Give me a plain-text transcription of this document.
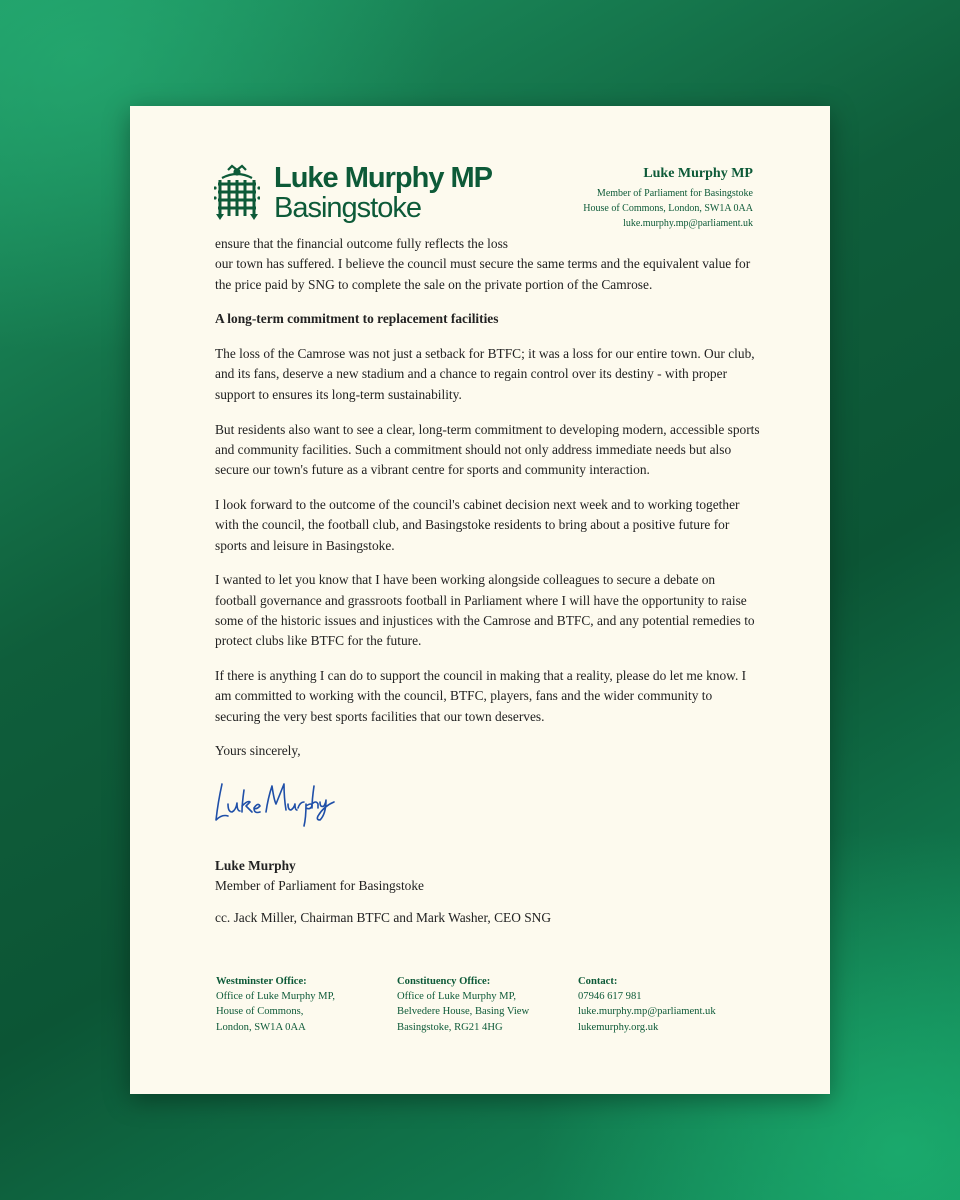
Luke Murphy MP
Basingstoke
Luke Murphy MP
Member of Parliament for Basingstoke
House of Commons, London, SW1A 0AA
luke.murphy.mp@parliament.uk

ensure that the financial outcome fully reflects the loss
our town has suffered. I believe the council must secure the same terms and the equivalent value for the price paid by SNG to complete the sale on the private portion of the Camrose.

A long-term commitment to replacement facilities

The loss of the Camrose was not just a setback for BTFC; it was a loss for our entire town. Our club, and its fans, deserve a new stadium and a chance to regain control over its destiny - with proper support to ensures its long-term sustainability.

But residents also want to see a clear, long-term commitment to developing modern, accessible sports and community facilities. Such a commitment should not only address immediate needs but also secure our town's future as a vibrant centre for sports and community interaction.

I look forward to the outcome of the council's cabinet decision next week and to working together with the council, the football club, and Basingstoke residents to bring about a positive future for sports and leisure in Basingstoke.

I wanted to let you know that I have been working alongside colleagues to secure a debate on football governance and grassroots football in Parliament where I will have the opportunity to raise some of the historic issues and injustices with the Camrose and BTFC, and any potential remedies to protect clubs like BTFC for the future.

If there is anything I can do to support the council in making that a reality, please do let me know. I am committed to working with the council, BTFC, players, fans and the wider community to securing the very best sports facilities that our town deserves.

Yours sincerely,

Luke Murphy
Member of Parliament for Basingstoke
cc. Jack Miller, Chairman BTFC and Mark Washer, CEO SNG
Westminster Office:
Office of Luke Murphy MP,
House of Commons,
London, SW1A 0AA
Constituency Office:
Office of Luke Murphy MP,
Belvedere House, Basing View
Basingstoke, RG21 4HG
Contact:
07946 617 981
luke.murphy.mp@parliament.uk
lukemurphy.org.uk
